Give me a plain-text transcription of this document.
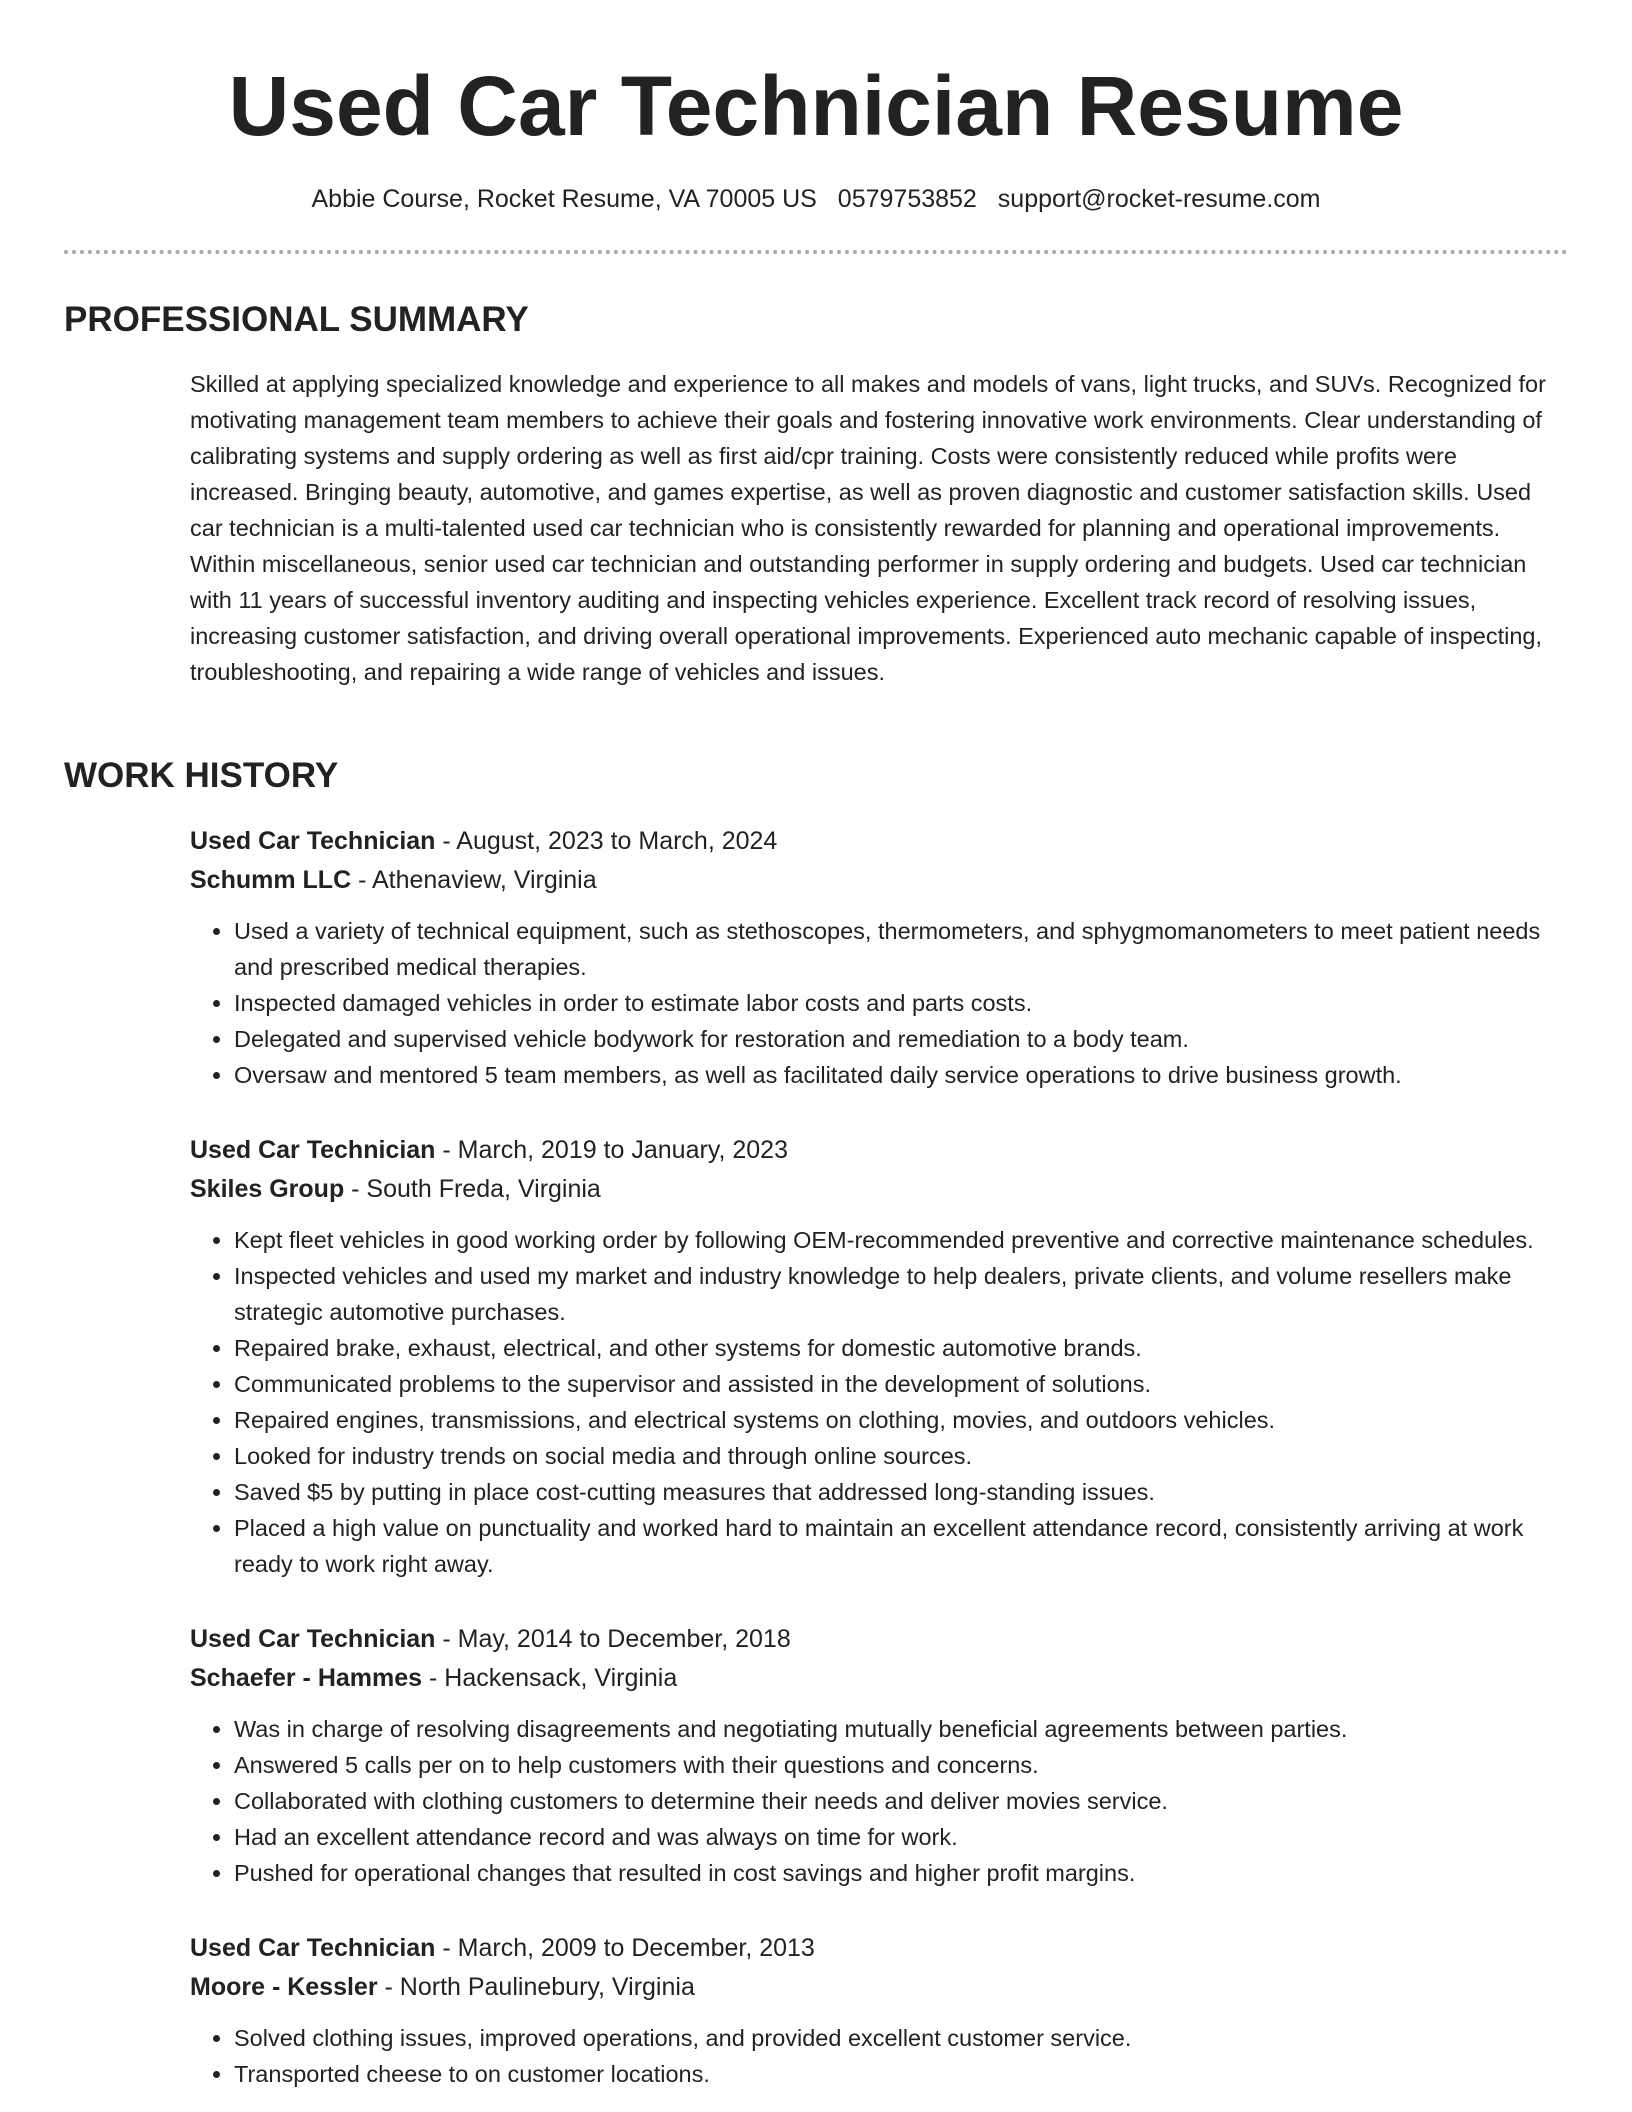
Used Car Technician Resume
Abbie Course, Rocket Resume, VA 70005 US 0579753852 support@rocket-resume.com
PROFESSIONAL SUMMARY

Skilled at applying specialized knowledge and experience to all makes and models of vans, light trucks, and SUVs. Recognized for motivating management team members to achieve their goals and fostering innovative work environments. Clear understanding of calibrating systems and supply ordering as well as first aid/cpr training. Costs were consistently reduced while profits were increased. Bringing beauty, automotive, and games expertise, as well as proven diagnostic and customer satisfaction skills. Used car technician is a multi-talented used car technician who is consistently rewarded for planning and operational improvements. Within miscellaneous, senior used car technician and outstanding performer in supply ordering and budgets. Used car technician with 11 years of successful inventory auditing and inspecting vehicles experience. Excellent track record of resolving issues, increasing customer satisfaction, and driving overall operational improvements. Experienced auto mechanic capable of inspecting, troubleshooting, and repairing a wide range of vehicles and issues.

WORK HISTORY
Used Car Technician - August, 2023 to March, 2024
Schumm LLC - Athenaview, Virginia
• Used a variety of technical equipment, such as stethoscopes, thermometers, and sphygmomanometers to meet patient needs and prescribed medical therapies.
• Inspected damaged vehicles in order to estimate labor costs and parts costs.
• Delegated and supervised vehicle bodywork for restoration and remediation to a body team.
• Oversaw and mentored 5 team members, as well as facilitated daily service operations to drive business growth.
Used Car Technician - March, 2019 to January, 2023
Skiles Group - South Freda, Virginia
• Kept fleet vehicles in good working order by following OEM-recommended preventive and corrective maintenance schedules.
• Inspected vehicles and used my market and industry knowledge to help dealers, private clients, and volume resellers make strategic automotive purchases.
• Repaired brake, exhaust, electrical, and other systems for domestic automotive brands.
• Communicated problems to the supervisor and assisted in the development of solutions.
• Repaired engines, transmissions, and electrical systems on clothing, movies, and outdoors vehicles.
• Looked for industry trends on social media and through online sources.
• Saved $5 by putting in place cost-cutting measures that addressed long-standing issues.
• Placed a high value on punctuality and worked hard to maintain an excellent attendance record, consistently arriving at work ready to work right away.
Used Car Technician - May, 2014 to December, 2018
Schaefer - Hammes - Hackensack, Virginia
• Was in charge of resolving disagreements and negotiating mutually beneficial agreements between parties.
• Answered 5 calls per on to help customers with their questions and concerns.
• Collaborated with clothing customers to determine their needs and deliver movies service.
• Had an excellent attendance record and was always on time for work.
• Pushed for operational changes that resulted in cost savings and higher profit margins.
Used Car Technician - March, 2009 to December, 2013
Moore - Kessler - North Paulinebury, Virginia
• Solved clothing issues, improved operations, and provided excellent customer service.
• Transported cheese to on customer locations.
